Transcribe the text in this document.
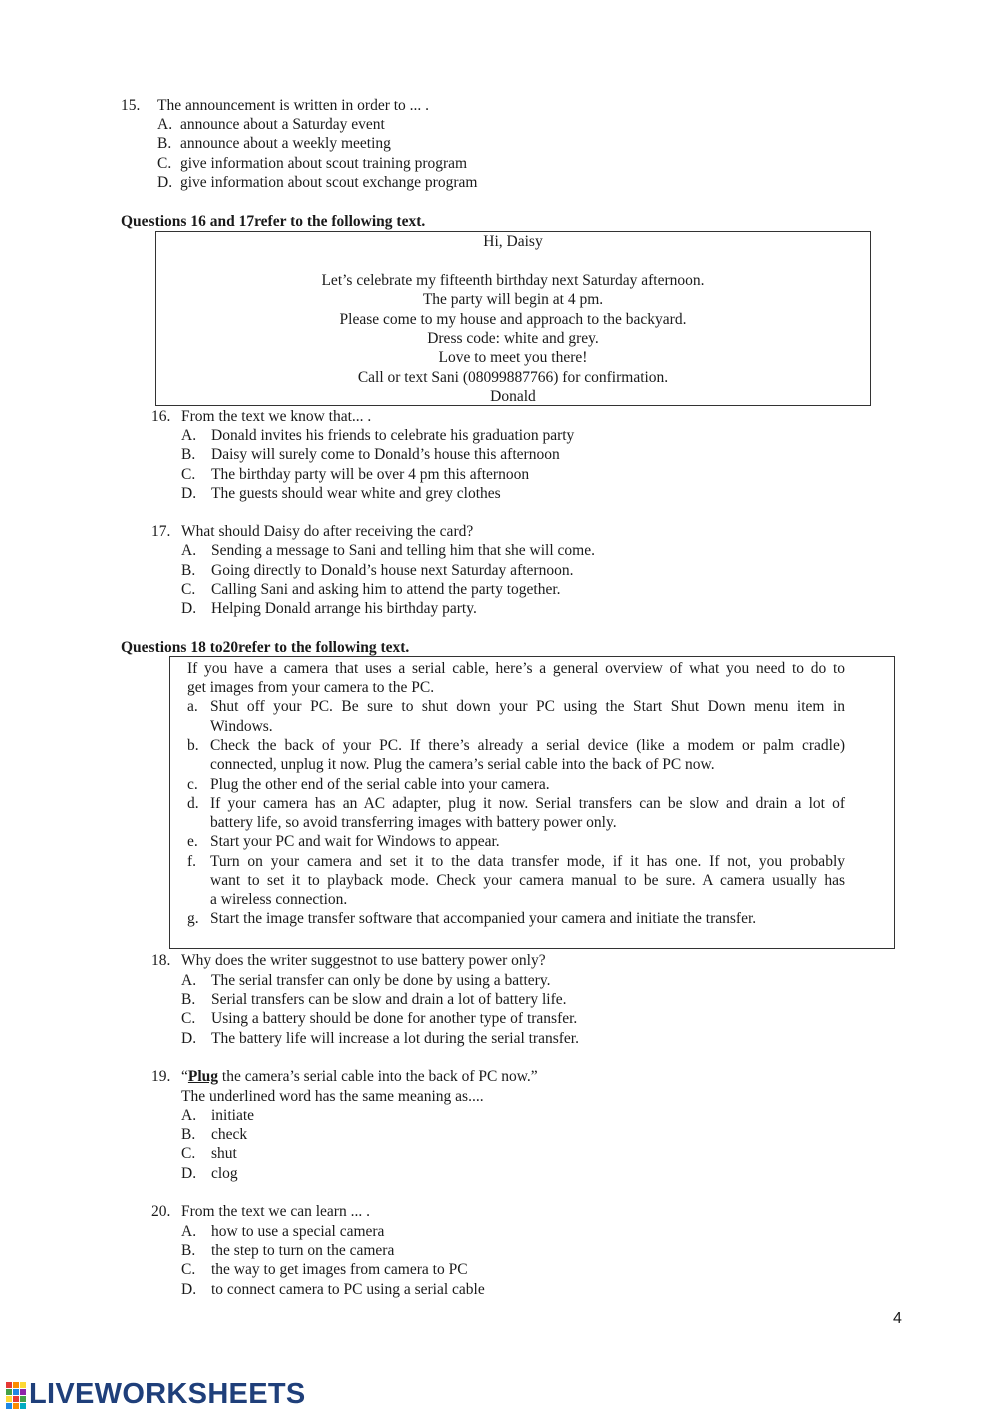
15. The announcement is written in order to ... .
A. announce about a Saturday event
B. announce about a weekly meeting
C. give information about scout training program
D. give information about scout exchange program
Questions 16 and 17refer to the following text.
Hi, Daisy
Let’s celebrate my fifteenth birthday next Saturday afternoon.
The party will begin at 4 pm.
Please come to my house and approach to the backyard.
Dress code: white and grey.
Love to meet you there!
Call or text Sani (08099887766) for confirmation.
Donald
16. From the text we know that... .
A. Donald invites his friends to celebrate his graduation party
B. Daisy will surely come to Donald’s house this afternoon
C. The birthday party will be over 4 pm this afternoon
D. The guests should wear white and grey clothes
17. What should Daisy do after receiving the card?
A. Sending a message to Sani and telling him that she will come.
B. Going directly to Donald’s house next Saturday afternoon.
C. Calling Sani and asking him to attend the party together.
D. Helping Donald arrange his birthday party.
Questions 18 to20refer to the following text.
If you have a camera that uses a serial cable, here’s a general overview of what you need to do to
get images from your camera to the PC.
a. Shut off your PC. Be sure to shut down your PC using the Start Shut Down menu item in
Windows.
b. Check the back of your PC. If there’s already a serial device (like a modem or palm cradle)
connected, unplug it now. Plug the camera’s serial cable into the back of PC now.
c. Plug the other end of the serial cable into your camera.
d. If your camera has an AC adapter, plug it now. Serial transfers can be slow and drain a lot of
battery life, so avoid transferring images with battery power only.
e. Start your PC and wait for Windows to appear.
f. Turn on your camera and set it to the data transfer mode, if it has one. If not, you probably
want to set it to playback mode. Check your camera manual to be sure. A camera usually has
a wireless connection.
g. Start the image transfer software that accompanied your camera and initiate the transfer.
18. Why does the writer suggestnot to use battery power only?
A. The serial transfer can only be done by using a battery.
B. Serial transfers can be slow and drain a lot of battery life.
C. Using a battery should be done for another type of transfer.
D. The battery life will increase a lot during the serial transfer.
19. “Plug the camera’s serial cable into the back of PC now.”
The underlined word has the same meaning as....
A. initiate
B. check
C. shut
D. clog
20. From the text we can learn ... .
A. how to use a special camera
B. the step to turn on the camera
C. the way to get images from camera to PC
D. to connect camera to PC using a serial cable
4
LIVEWORKSHEETS
